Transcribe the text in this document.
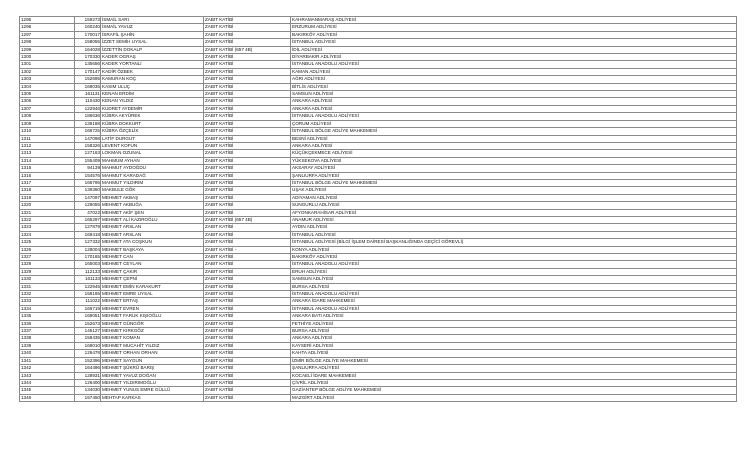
1295	159273	İSMAİL SARI	ZABIT KATİBİ	KAHRAMANMARAŞ ADLİYESİ
1296	160240	İSMAİL YAVUZ	ZABIT KATİBİ	ERZURUM ADLİYESİ
1297	170017	İSRAFİL ŞAHİN	ZABIT KATİBİ	BAKIRKÖY ADLİYESİ
1298	158055	İZZET SEMİH UYSAL	ZABIT KATİBİ	İSTANBUL ADLİYESİ
1299	164028	İZZETTİN DOKALP	ZABIT KATİBİ (657 4B)	İDİL ADLİYESİ
1300	170330	KADER OGRAŞ	ZABIT KATİBİ	DİYARBAKIR ADLİYESİ
1301	135656	KADER YORTANLI	ZABIT KATİBİ	İSTANBUL ANADOLU ADLİYESİ
1302	170147	KADİR ÖZBEK	ZABIT KATİBİ	KAMAN ADLİYESİ
1303	152695	KAMURAN KOÇ	ZABIT KATİBİ	AĞRI ADLİYESİ
1304	169035	KASIM ULUÇ	ZABIT KATİBİ	BİTLİS ADLİYESİ
1305	161131	KENAN ERDİM	ZABIT KATİBİ	SAMSUN ADLİYESİ
1306	110430	KENAN YILDIZ	ZABIT KATİBİ	ANKARA ADLİYESİ
1307	122946	KUDRET AYDEMİR	ZABIT KATİBİ	ANKARA ADLİYESİ
1308	186636	KÜBRA AKYÜREK	ZABIT KATİBİ	İSTANBUL ANADOLU ADLİYESİ
1309	139188	KÜBRA DOKKURT	ZABIT KATİBİ	ÇORUM ADLİYESİ
1310	166725	KÜBRA ÖZÇELİK	ZABIT KATİBİ	İSTANBUL BÖLGE ADLİYE MAHKEMESİ
1311	147098	LATİF DURGUT	ZABIT KATİBİ	BESNİ ADLİYESİ
1312	158326	LEVENT KOFUN	ZABIT KATİBİ	ANKARA ADLİYESİ
1313	127163	LOKMAN OZUNAL	ZABIT KATİBİ	KÜÇÜKÇEKMECE ADLİYESİ
1314	155409	MAHMUM AYHAN	ZABIT KATİBİ	YÜKSEKOVA ADLİYESİ
1315	94139	MAHMUT AYDOĞDU	ZABIT KATİBİ	AKSARAY ADLİYESİ
1316	154576	MAHMUT KARADAĞ	ZABIT KATİBİ	ŞANLIURFA ADLİYESİ
1317	166795	MAHMUT YILDIRIM	ZABIT KATİBİ	İSTANBUL BÖLGE ADLİYE MAHKEMESİ
1318	139360	MAKBULE GÖK	ZABIT KATİBİ	UŞAK ADLİYESİ
1319	147097	MEHMET AKBAŞ	ZABIT KATİBİ	ADIYAMAN ADLİYESİ
1320	129055	MEHMET AKBUĞA	ZABIT KATİBİ	SUNGURLU ADLİYESİ
1321	47022	MEHMET AKİF ŞEN	ZABIT KATİBİ	AFYONKARAHİSAR ADLİYESİ
1322	165297	MEHMET ALİ KAZIROĞLU	ZABIT KATİBİ (657 4B)	ANAMUR ADLİYESİ
1323	127879	MEHMET ARSLAN	ZABIT KATİBİ	AYDIN ADLİYESİ
1324	169418	MEHMET ARSLAN	ZABIT KATİBİ	İSTANBUL ADLİYESİ
1325	127332	MEHMET ATA COŞKUN	ZABIT KATİBİ	İSTANBUL ADLİYESİ (BİLGİ İŞLEM DAİRESİ BAŞKANLIĞINDA GEÇİCİ GÖREVLİ)
1326	128004	MEHMET BAŞKAYA	ZABIT KATİBİ -	KONYA ADLİYESİ
1327	170165	MEHMET CAN	ZABIT KATİBİ	BAKIRKÖY ADLİYESİ
1328	165003	MEHMET CEYLAN	ZABIT KATİBİ	İSTANBUL ANADOLU ADLİYESİ
1329	112133	MEHMET ÇAKIR	ZABIT KATİBİ	ERUH ADLİYESİ
1330	161133	MEHMET ÇEPNİ	ZABIT KATİBİ	SAMSUN ADLİYESİ
1331	122945	MEHMET EMİN KARAKURT	ZABIT KATİBİ	BURSA ADLİYESİ
1332	158165	MEHMET EMRE UYSAL	ZABIT KATİBİ	İSTANBUL ANADOLU ADLİYESİ
1333	111022	MEHMET ERTAŞ	ZABIT KATİBİ	ANKARA İDARE MAHKEMESİ
1334	166719	MEHMET EVREN	ZABIT KATİBİ	İSTANBUL ANADOLU ADLİYESİ
1335	169051	MEHMET FARUK KIŞIOĞLU	ZABIT KATİBİ	ANKARA BATI ADLİYESİ
1336	152673	MEHMET GÜNGÖR	ZABIT KATİBİ	FETHİYE ADLİYESİ
1337	145127	MEHMET KIRKGÖZ	ZABIT KATİBİ	BURSA ADLİYESİ
1338	158435	MEHMET KOMAN	ZABIT KATİBİ	ANKARA ADLİYESİ
1339	169010	MEHMET MUCAHİT YILDIZ	ZABIT KATİBİ	KAYSERİ ADLİYESİ
1340	126478	MEHMET ORHAN ORHAN	ZABIT KATİBİ	KAHTA ADLİYESİ
1341	152396	MEHMET SAYGUN	ZABIT KATİBİ	İZMİR BÖLGE ADLİYE MAHKEMESİ
1342	164496	MEHMET ŞÜKRÜ BARIŞ	ZABIT KATİBİ	ŞANLIURFA ADLİYESİ
1343	128931	MEHMET YAVUZ DOĞAN	ZABIT KATİBİ	KOCAELİ İDARE MAHKEMESİ
1344	126400	MEHMET YILDIRIMOĞLU	ZABIT KATİBİ	ÇİVRİL ADLİYESİ
1345	134030	MEHMET YUNUS EMRE GÜLLÜ	ZABIT KATİBİ	GAZİANTEP BÖLGE ADLİYE MAHKEMESİ
1346	157450	MEHTAP KARKAS	ZABIT KATİBİ	MAZGİRT ADLİYESİ
